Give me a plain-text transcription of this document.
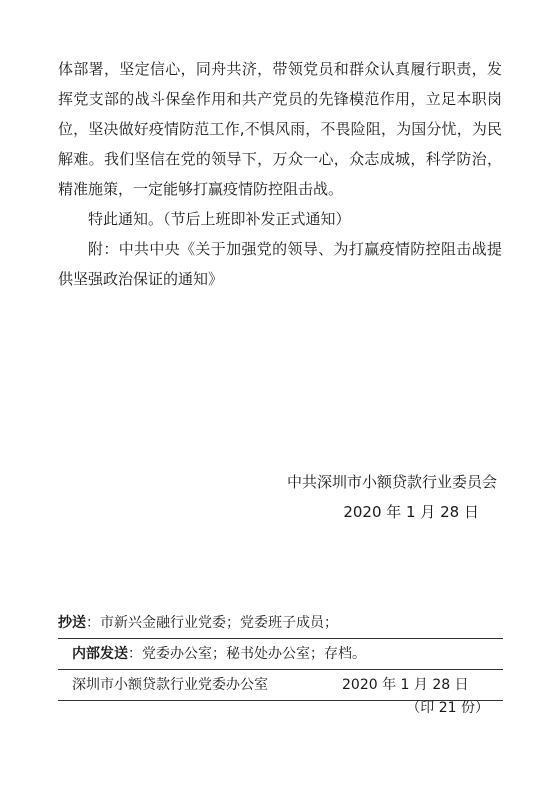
体部署，坚定信心，同舟共济，带领党员和群众认真履行职责，发挥党支部的战斗保垒作用和共产党员的先锋模范作用，立足本职岗位，坚决做好疫情防范工作,不惧风雨，不畏险阻，为国分忧，为民解难。我们坚信在党的领导下，万众一心，众志成城，科学防治，精准施策，一定能够打赢疫情防控阻击战。

特此通知。（节后上班即补发正式通知）

附：中共中央《关于加强党的领导、为打赢疫情防控阻击战提供坚强政治保证的通知》

中共深圳市小额贷款行业委员会
2020 年 1 月 28 日
抄送：市新兴金融行业党委；党委班子成员；
内部发送：党委办公室；秘书处办公室；存档。
深圳市小额贷款行业党委办公室	2020 年 1 月 28 日
（印 21 份）
